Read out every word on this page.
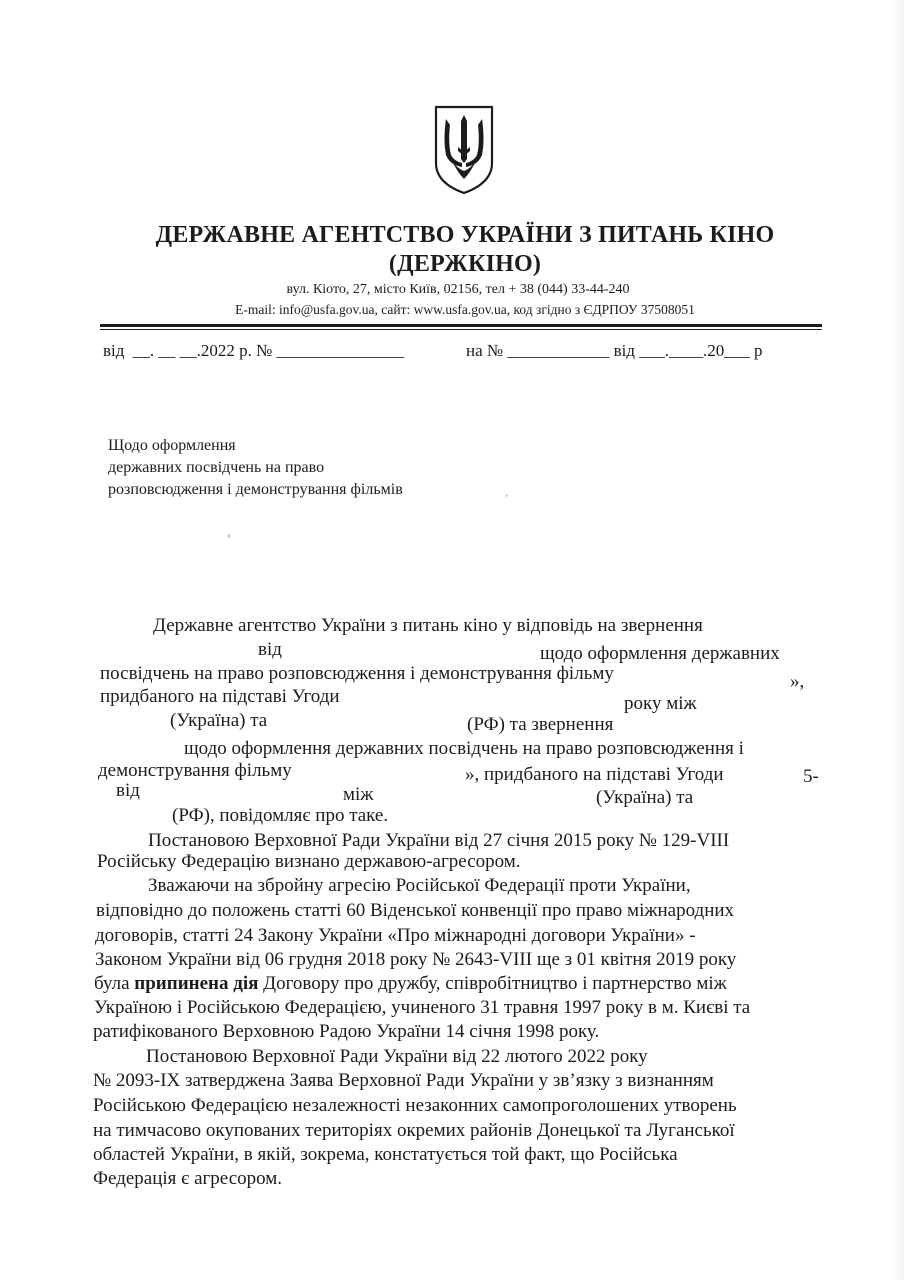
ДЕРЖАВНЕ АГЕНТСТВО УКРАЇНИ З ПИТАНЬ КІНО
(ДЕРЖКІНО)
вул. Кіото, 27, місто Київ, 02156, тел + 38 (044) 33-44-240
E-mail: info@usfa.gov.ua, сайт: www.usfa.gov.ua, код згідно з ЄДРПОУ 37508051
від  __. __ __.2022 р. № _______________	на № ____________ від ___.____.20___ р
Щодо оформлення
державних посвідчень на право
розповсюдження і демонстрування фільмів
Державне агентство України з питань кіно у відповідь на звернення
від	щодо оформлення державних
посвідчень на право розповсюдження і демонстрування фільму	»,
придбаного на підставі Угоди	року між
(Україна) та	(РФ) та звернення
щодо оформлення державних посвідчень на право розповсюдження і
демонстрування фільму	», придбаного на підставі Угоди	5-
від	між	(Україна) та
(РФ), повідомляє про таке.
Постановою Верховної Ради України від 27 січня 2015 року № 129-VIII
Російську Федерацію визнано державою-агресором.
Зважаючи на збройну агресію Російської Федерації проти України,
відповідно до положень статті 60 Віденської конвенції про право міжнародних
договорів, статті 24 Закону України «Про міжнародні договори України» -
Законом України від 06 грудня 2018 року № 2643-VIII ще з 01 квітня 2019 року
була припинена дія Договору про дружбу, співробітництво і партнерство між
Україною і Російською Федерацією, учиненого 31 травня 1997 року в м. Києві та
ратифікованого Верховною Радою України 14 січня 1998 року.
Постановою Верховної Ради України від 22 лютого 2022 року
№ 2093-IX затверджена Заява Верховної Ради України у зв’язку з визнанням
Російською Федерацією незалежності незаконних самопроголошених утворень
на тимчасово окупованих територіях окремих районів Донецької та Луганської
областей України, в якій, зокрема, констатується той факт, що Російська
Федерація є агресором.
